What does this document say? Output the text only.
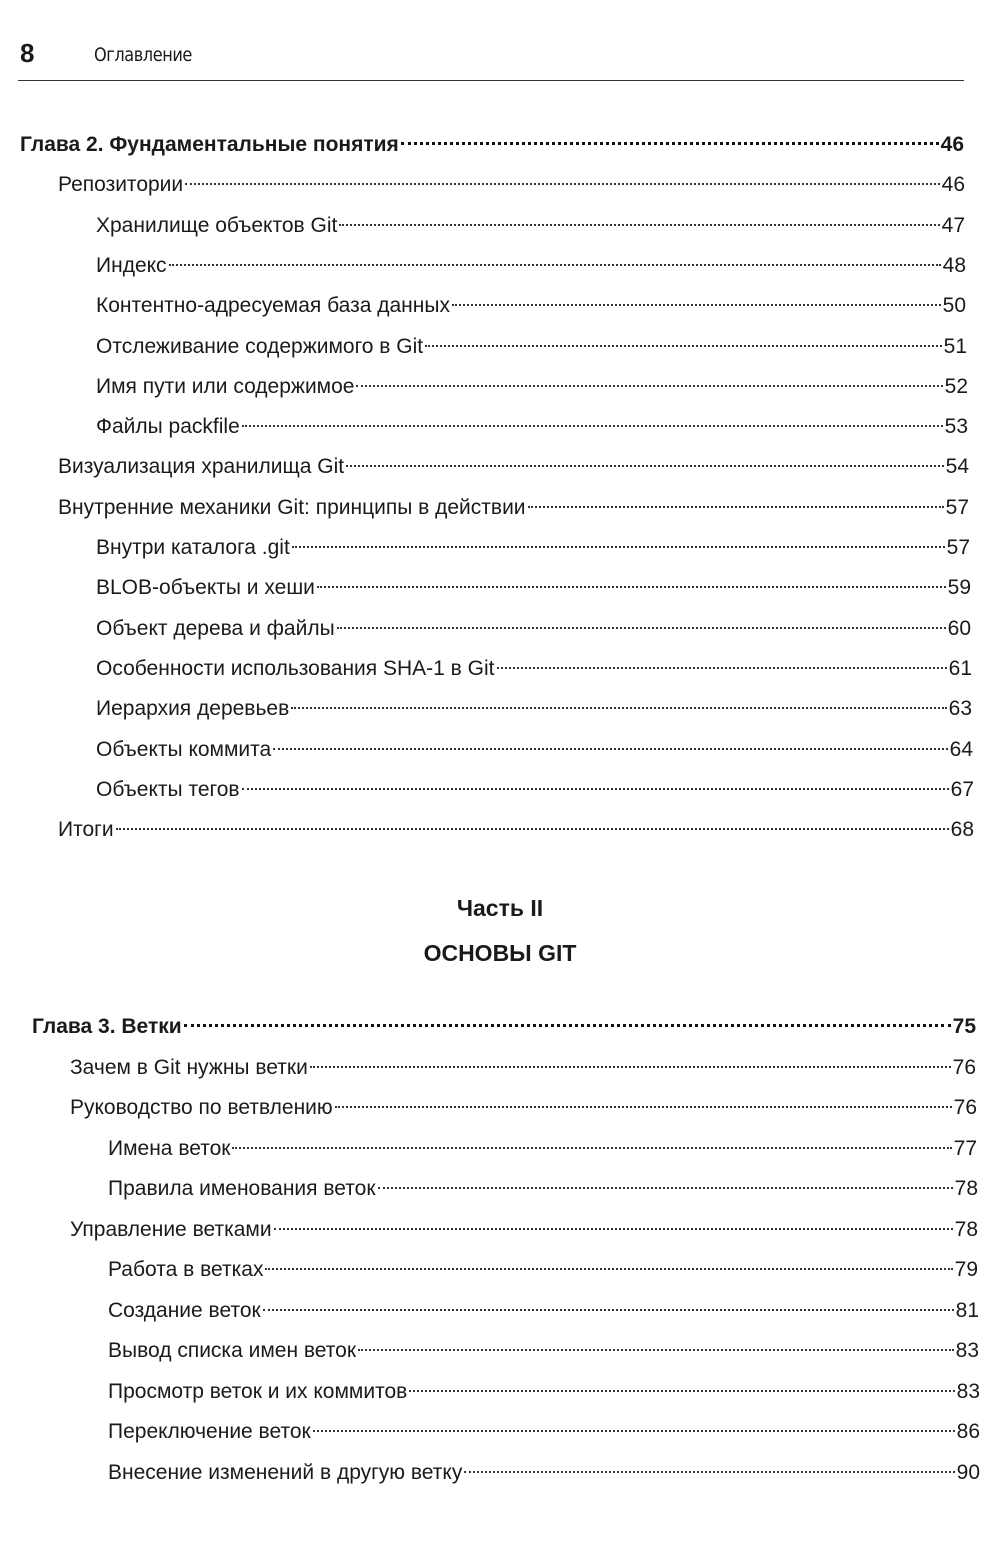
8	Оглавление
Глава 2. Фундаментальные понятия	46
Репозитории	46
Хранилище объектов Git	47
Индекс	48
Контентно-адресуемая база данных	50
Отслеживание содержимого в Git	51
Имя пути или содержимое	52
Файлы packfile	53
Визуализация хранилища Git	54
Внутренние механики Git: принципы в действии	57
Внутри каталога .git	57
BLOB-объекты и хеши	59
Объект дерева и файлы	60
Особенности использования SHA-1 в Git	61
Иерархия деревьев	63
Объекты коммита	64
Объекты тегов	67
Итоги	68
Часть II
ОСНОВЫ GIT
Глава 3. Ветки	75
Зачем в Git нужны ветки	76
Руководство по ветвлению	76
Имена веток	77
Правила именования веток	78
Управление ветками	78
Работа в ветках	79
Создание веток	81
Вывод списка имен веток	83
Просмотр веток и их коммитов	83
Переключение веток	86
Внесение изменений в другую ветку	90
